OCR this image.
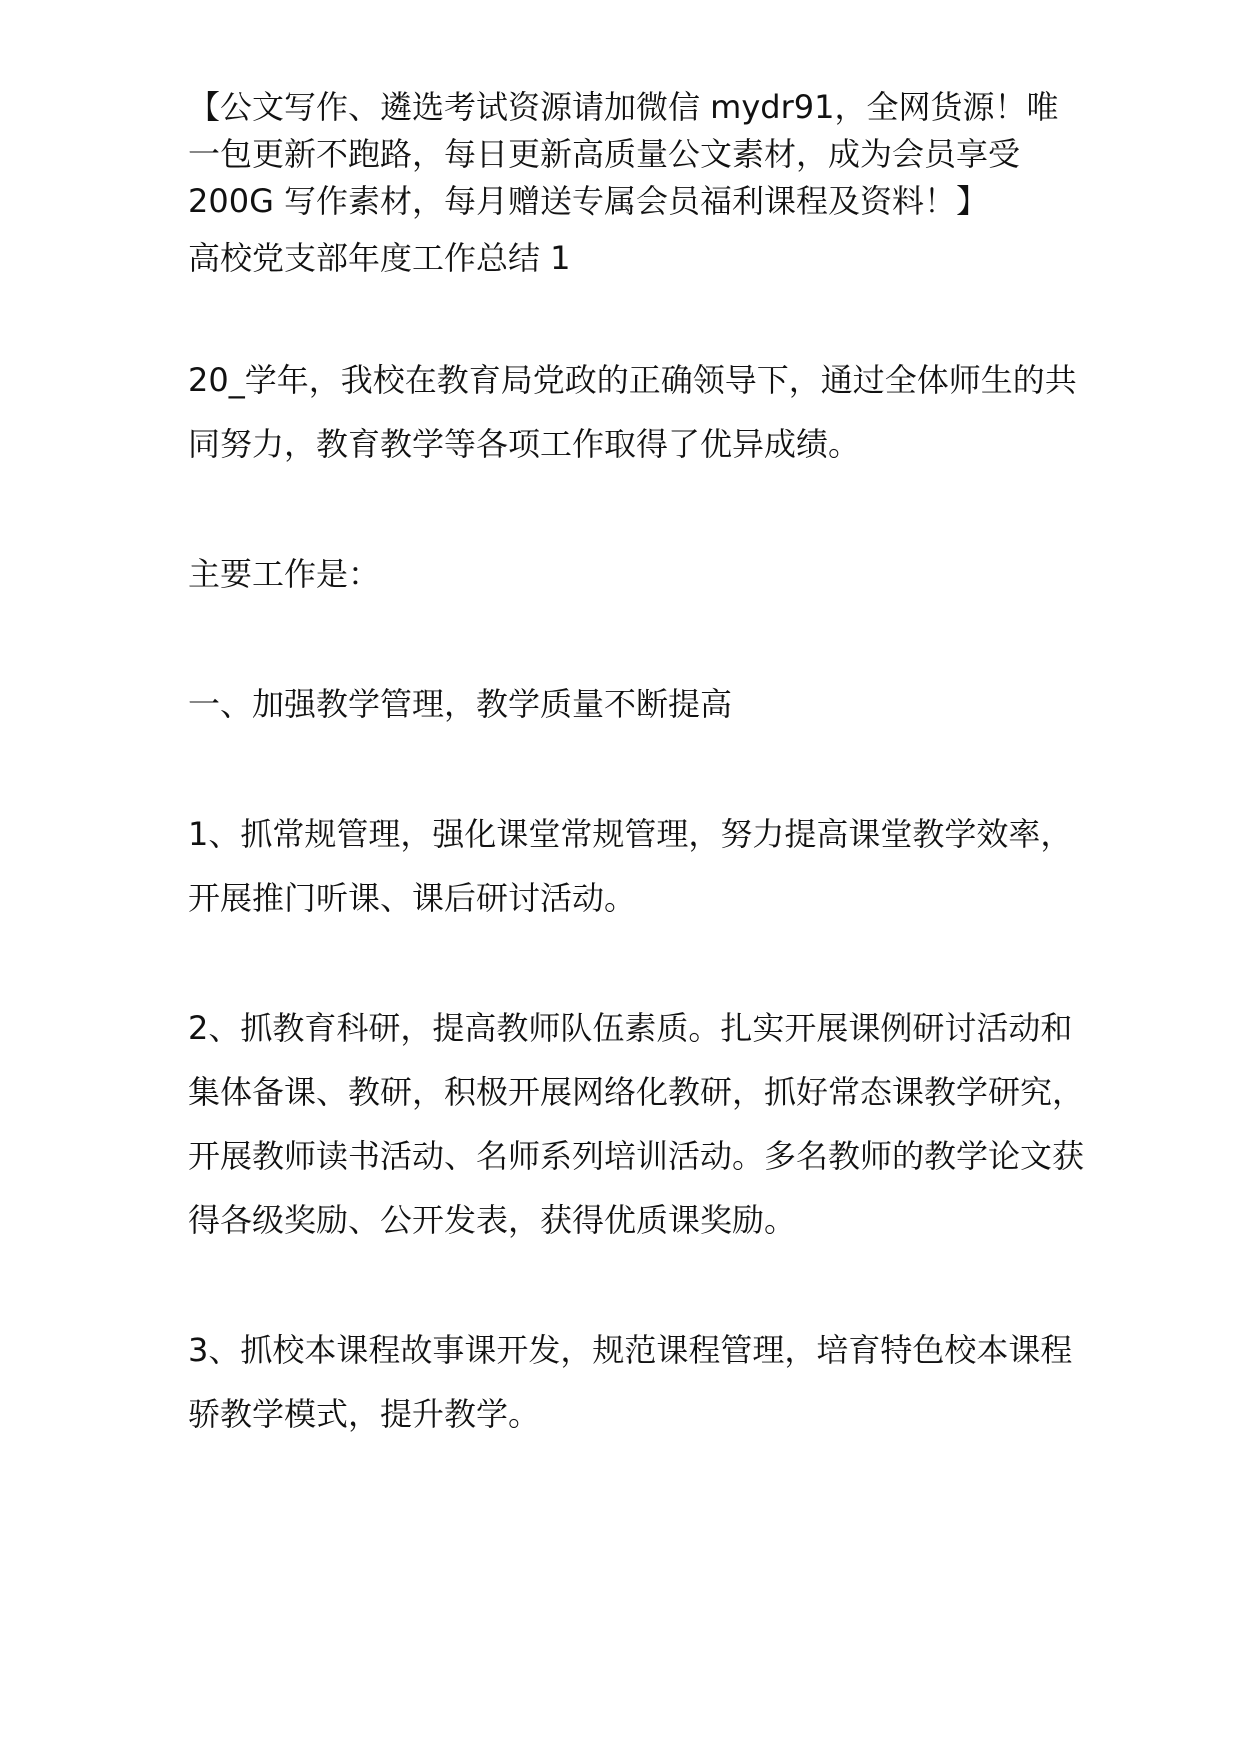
【公文写作、遴选考试资源请加微信 mydr91，全网货源！唯一包更新不跑路，每日更新高质量公文素材，成为会员享受 200G 写作素材，每月赠送专属会员福利课程及资料！】

高校党支部年度工作总结 1

20_学年，我校在教育局党政的正确领导下，通过全体师生的共同努力，教育教学等各项工作取得了优异成绩。

主要工作是：

一、加强教学管理，教学质量不断提高

1、抓常规管理，强化课堂常规管理，努力提高课堂教学效率，开展推门听课、课后研讨活动。

2、抓教育科研，提高教师队伍素质。扎实开展课例研讨活动和集体备课、教研，积极开展网络化教研，抓好常态课教学研究，开展教师读书活动、名师系列培训活动。多名教师的教学论文获得各级奖励、公开发表，获得优质课奖励。

3、抓校本课程故事课开发，规范课程管理，培育特色校本课程骄教学模式，提升教学。
